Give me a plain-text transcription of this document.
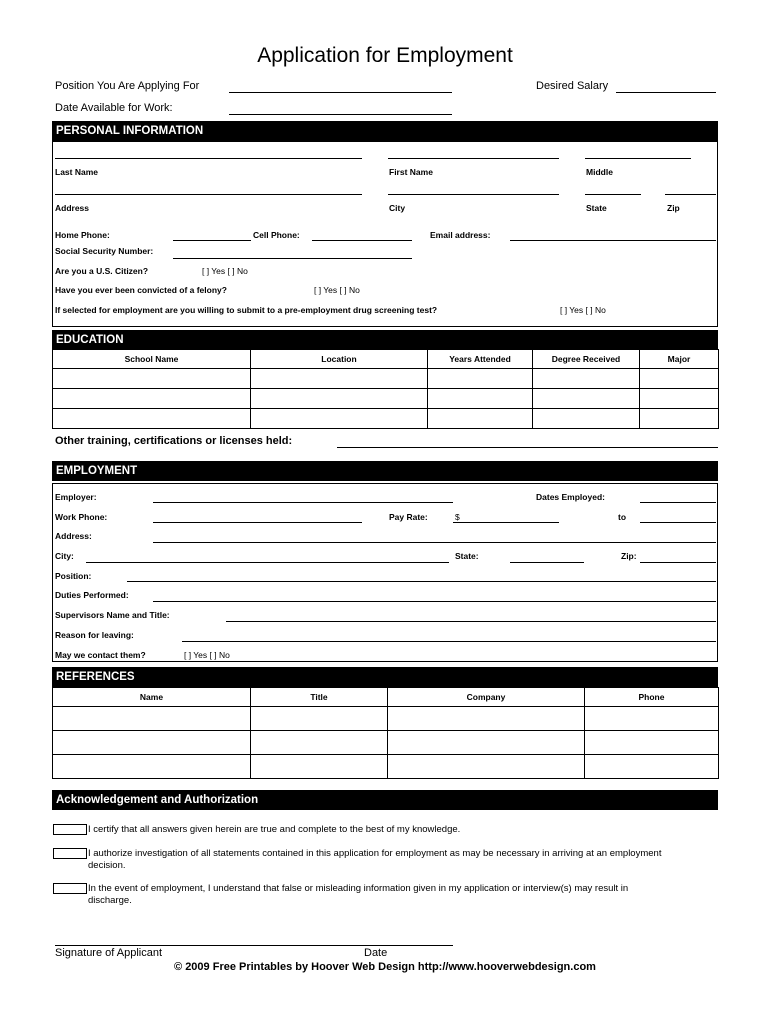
Application for Employment
Position You Are Applying For	Desired Salary
Date Available for Work:
PERSONAL INFORMATION
Last Name	First Name	Middle
Address	City	State	Zip
Home Phone:	Cell Phone:	Email address:
Social Security Number:
Are you a U.S. Citizen?	[ ] Yes [ ] No
Have you ever been convicted of a felony?	[ ] Yes [ ] No
If selected for employment are you willing to submit to a pre-employment drug screening test?	[ ] Yes [ ] No
EDUCATION
School Name	Location	Years Attended	Degree Received	Major

Other training, certifications or licenses held:
EMPLOYMENT
Employer:	Dates Employed:
Work Phone:	Pay Rate:	$	to
Address:
City:	State:	Zip:
Position:
Duties Performed:
Supervisors Name and Title:
Reason for leaving:
May we contact them?	[ ] Yes [ ] No
REFERENCES
Name	Title	Company	Phone

Acknowledgement and Authorization
I certify that all answers given herein are true and complete to the best of my knowledge.
I authorize investigation of all statements contained in this application for employment as may be necessary in arriving at an employment decision.
In the event of employment, I understand that false or misleading information given in my application or interview(s) may result in discharge.
Signature of Applicant	Date
© 2009 Free Printables by Hoover Web Design http://www.hooverwebdesign.com
